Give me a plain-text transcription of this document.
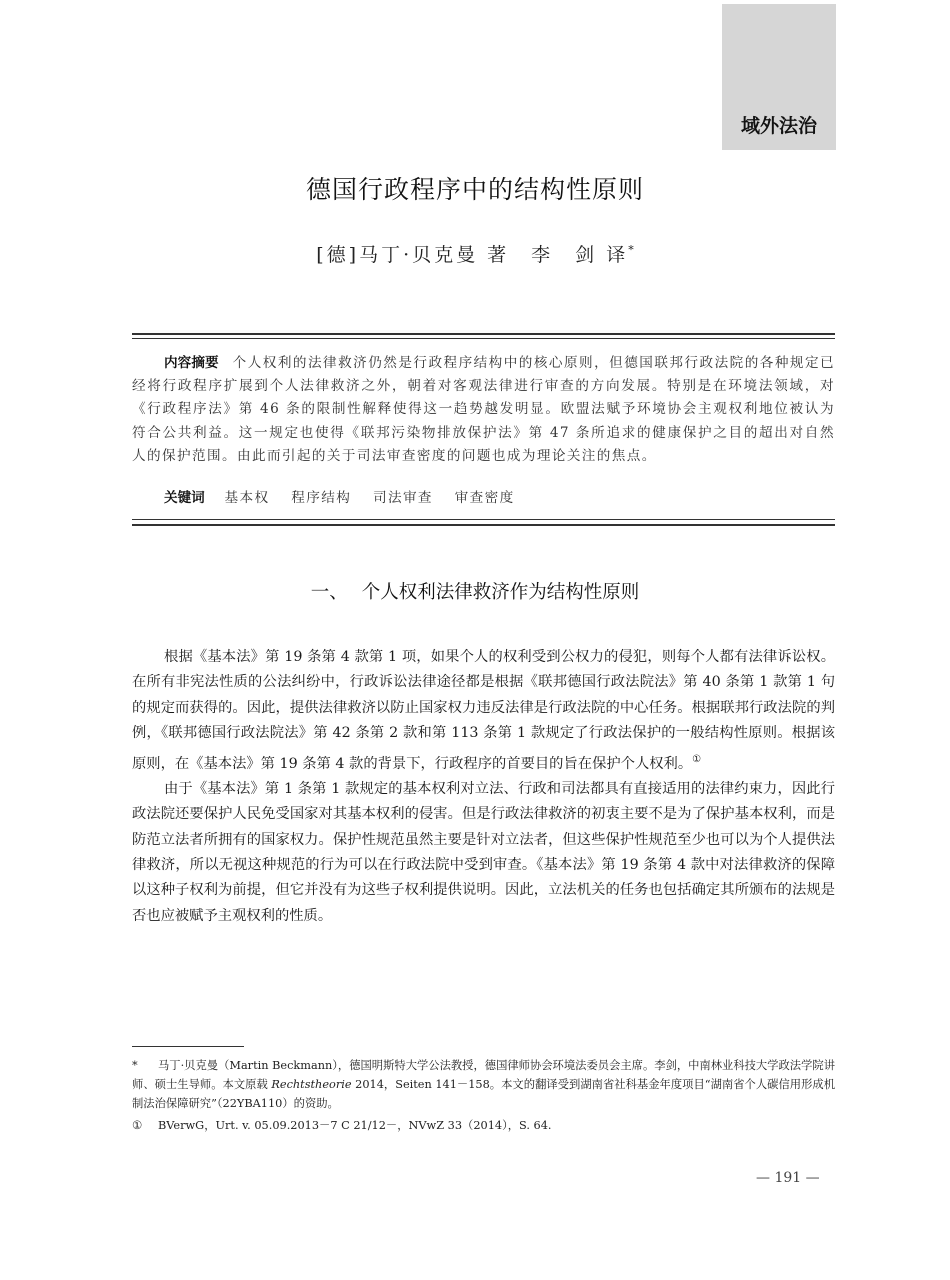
域外法治
德国行政程序中的结构性原则
[德]马丁·贝克曼 著　李　剑 译*

内容摘要 个人权利的法律救济仍然是行政程序结构中的核心原则，但德国联邦行政法院的各种规定已经将行政程序扩展到个人法律救济之外，朝着对客观法律进行审查的方向发展。特别是在环境法领域，对《行政程序法》第 46 条的限制性解释使得这一趋势越发明显。欧盟法赋予环境协会主观权利地位被认为符合公共利益。这一规定也使得《联邦污染物排放保护法》第 47 条所追求的健康保护之目的超出对自然人的保护范围。由此而引起的关于司法审查密度的问题也成为理论关注的焦点。

关键词 基本权 程序结构 司法审查 审查密度
一、 个人权利法律救济作为结构性原则

根据《基本法》第 19 条第 4 款第 1 项，如果个人的权利受到公权力的侵犯，则每个人都有法律诉讼权。在所有非宪法性质的公法纠纷中，行政诉讼法律途径都是根据《联邦德国行政法院法》第 40 条第 1 款第 1 句的规定而获得的。因此，提供法律救济以防止国家权力违反法律是行政法院的中心任务。根据联邦行政法院的判例，《联邦德国行政法院法》第 42 条第 2 款和第 113 条第 1 款规定了行政法保护的一般结构性原则。根据该原则，在《基本法》第 19 条第 4 款的背景下，行政程序的首要目的旨在保护个人权利。①

由于《基本法》第 1 条第 1 款规定的基本权利对立法、行政和司法都具有直接适用的法律约束力，因此行政法院还要保护人民免受国家对其基本权利的侵害。但是行政法律救济的初衷主要不是为了保护基本权利，而是防范立法者所拥有的国家权力。保护性规范虽然主要是针对立法者，但这些保护性规范至少也可以为个人提供法律救济，所以无视这种规范的行为可以在行政法院中受到审查。《基本法》第 19 条第 4 款中对法律救济的保障以这种子权利为前提，但它并没有为这些子权利提供说明。因此，立法机关的任务也包括确定其所颁布的法规是否也应被赋予主观权利的性质。

* 马丁·贝克曼（Martin Beckmann），德国明斯特大学公法教授，德国律师协会环境法委员会主席。李剑，中南林业科技大学政法学院讲师、硕士生导师。本文原载 Rechtstheorie 2014，Seiten 141－158。本文的翻译受到湖南省社科基金年度项目“湖南省个人碳信用形成机制法治保障研究”（22YBA110）的资助。

① BVerwG，Urt. v. 05.09.2013－7 C 21/12－，NVwZ 33（2014），S. 64.

— 191 —
